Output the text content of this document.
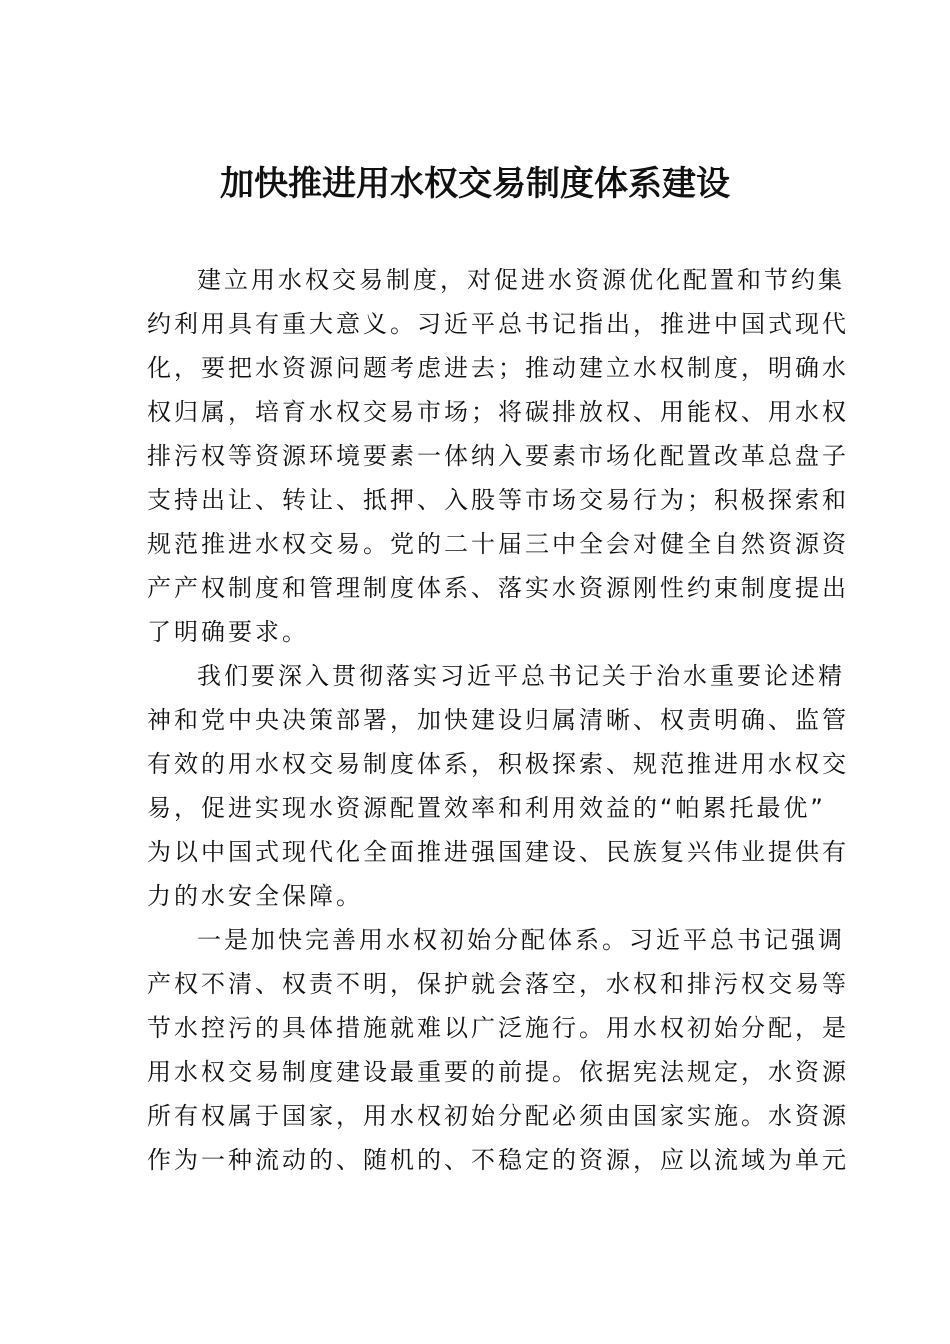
加快推进用水权交易制度体系建设
建立用水权交易制度，对促进水资源优化配置和节约集
约利用具有重大意义。习近平总书记指出，推进中国式现代
化，要把水资源问题考虑进去；推动建立水权制度，明确水
权归属，培育水权交易市场；将碳排放权、用能权、用水权
排污权等资源环境要素一体纳入要素市场化配置改革总盘子
支持出让、转让、抵押、入股等市场交易行为；积极探索和
规范推进水权交易。党的二十届三中全会对健全自然资源资
产产权制度和管理制度体系、落实水资源刚性约束制度提出
了明确要求。
我们要深入贯彻落实习近平总书记关于治水重要论述精
神和党中央决策部署，加快建设归属清晰、权责明确、监管
有效的用水权交易制度体系，积极探索、规范推进用水权交
易，促进实现水资源配置效率和利用效益的“帕累托最优”
为以中国式现代化全面推进强国建设、民族复兴伟业提供有
力的水安全保障。
一是加快完善用水权初始分配体系。习近平总书记强调
产权不清、权责不明，保护就会落空，水权和排污权交易等
节水控污的具体措施就难以广泛施行。用水权初始分配，是
用水权交易制度建设最重要的前提。依据宪法规定，水资源
所有权属于国家，用水权初始分配必须由国家实施。水资源
作为一种流动的、随机的、不稳定的资源，应以流域为单元
